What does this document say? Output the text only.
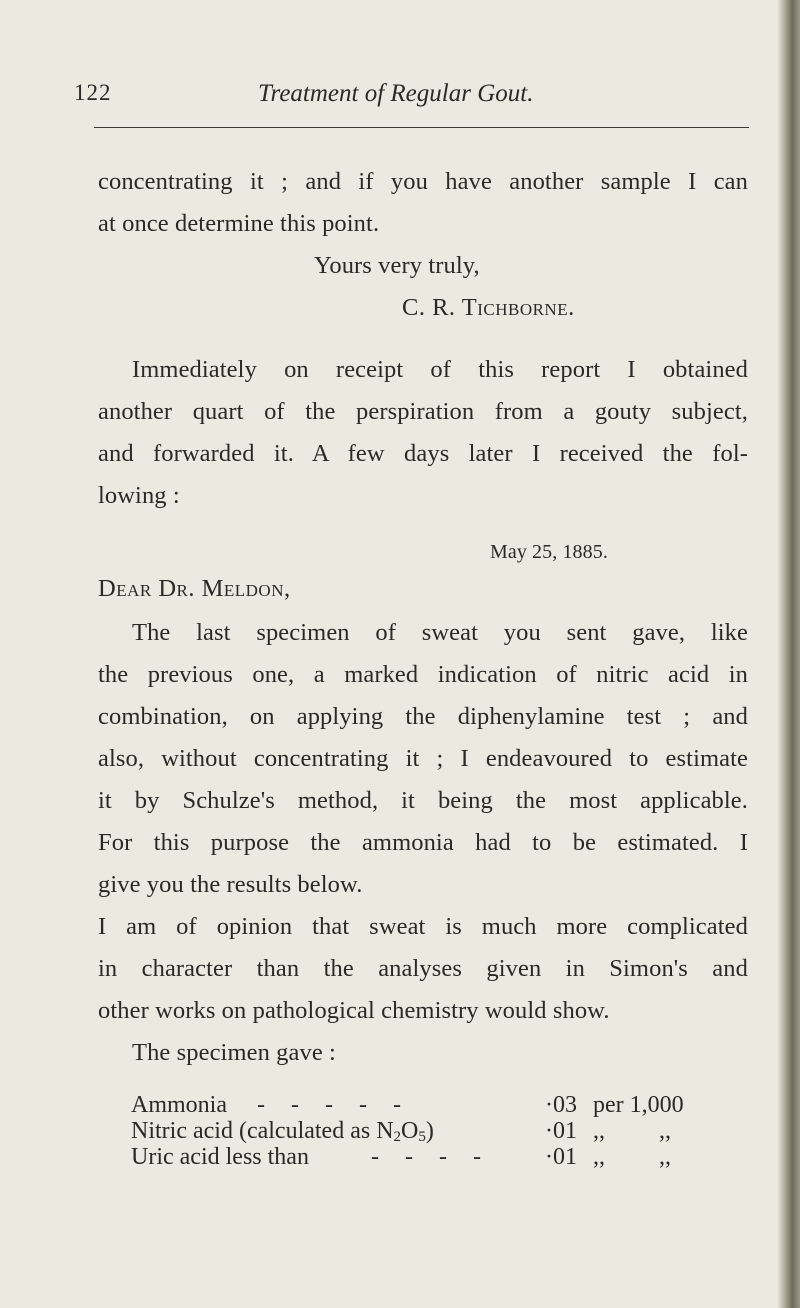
122	Treatment of Regular Gout.
concentrating it ; and if you have another sample I can
at once determine this point.
Yours very truly,
C. R. Tichborne.
Immediately on receipt of this report I obtained
another quart of the perspiration from a gouty subject,
and forwarded it. A few days later I received the fol-
lowing :
May 25, 1885.
Dear Dr. Meldon,
The last specimen of sweat you sent gave, like
the previous one, a marked indication of nitric acid in
combination, on applying the diphenylamine test ; and
also, without concentrating it ; I endeavoured to estimate
it by Schulze's method, it being the most applicable.
For this purpose the ammonia had to be estimated. I
give you the results below.
I am of opinion that sweat is much more complicated
in character than the analyses given in Simon's and
other works on pathological chemistry would show.
The specimen gave :
Ammonia - - - - -	·03 per 1,000
Nitric acid (calculated as $N_2O_5$)	·01 ,, ,,
Uric acid less than	- - - - ·01 ,, ,,
